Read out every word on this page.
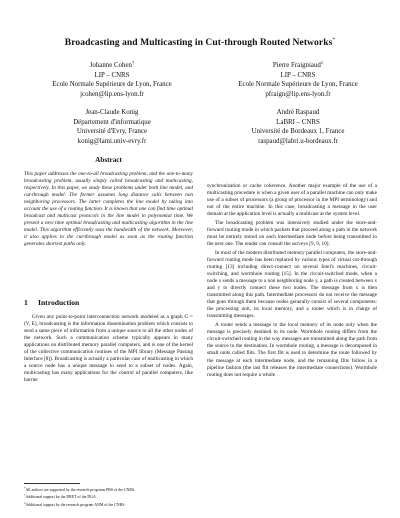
Broadcasting and Multicasting in Cut-through Routed Networks*
Johanne Cohen†
LIP – CNRS
Ecole Normale Supérieure de Lyon, France
jcohen@lip.ens-lyon.fr
Pierre Fraigniaud‡
LIP – CNRS
Ecole Normale Supérieure de Lyon, France
pfraign@lip.ens-lyon.fr
Jean-Claude Konig
Département d'informatique
Université d'Evry, France
konig@lami.univ-evry.fr
André Raspaud
LaBRI – CNRS
Université de Bordeaux 1, France
raspaud@labri.u-bordeaux.fr
Abstract
This paper addresses the one-to-all broadcasting problem, and the one-to-many broadcasting problem, usually simply called broadcasting and multicasting, respectively. In this paper, we study these problems under both line model, and cut-through model. The former assumes long distance calls between non neighboring processors. The latter completes the line model by taking into account the use of a routing function. It is known that one can find time optimal broadcast and multicast protocols in the line model in polynomial time. We present a new time optimal broadcasting and multicasting algorithm in the line model. This algorithm efficiently uses the bandwidth of the network. Moreover, it also applies to the cut-through model as soon as the routing function generates shortest paths only.
1 Introduction

Given any point-to-point interconnection network modeled as a graph G = (V, E), broadcasting is the information dissemination problem which consists to send a same piece of information from a unique source to all the other nodes of the network. Such a communication scheme typically appears in many applications on distributed memory parallel computers, and is one of the kernel of the collective communication routines of the MPI library (Message Passing Interface [8]). Broadcasting is actually a particular case of multicasting in which a source node has a unique message to send to a subset of nodes. Again, multicasting has many applications for the control of parallel computers, like barrier

*All authors are supported by the research programs PRS of the CNRS.
†Additional support by the DRET of the DGA.
‡Additional support by the research program ANM of the CNRS.

synchronization or cache coherence. Another major example of the use of a multicasting procedure is when a given user of a parallel machine can only make use of a subset of processors (a group of processor in the MPI terminology) and not of the entire machine. In this case, broadcasting a message in the user domain at the application level is actually a multicast at the system level.

The broadcasting problem was intensively studied under the store-and-forward routing mode in which packets that proceed along a path in the network must be entirely stored on each intermediate node before being transmitted to the next one. The reader can consult the surveys [9, 9, 10].

In most of the modern distributed memory parallel computers, the store-and-forward routing mode has been replaced by various types of virtual cut-through routing [13] including direct-connect on several Intel's machines, circuit-switching, and wormhole routing [15]. In the circuit-switched mode, when a node x sends a message to a non neighboring node y, a path is created between x and y to directly connect these two nodes. The message from x is then transmitted along this path. Intermediate processors do not receive the message that goes through them because nodes generally consist of several components: the processing unit, its local memory, and a router which is in charge of transmitting messages.

A router sends a message to the local memory of its node only when the message is precisely destined to its node. Wormhole routing differs from the circuit-switched routing in the way messages are transmitted along the path from the source to the destination. In wormhole routing, a message is decomposed in small units called flits. The first flit is used to determine the route followed by the message at each intermediate node, and the remaining flits follow in a pipeline fashion (the last flit releases the intermediate connections). Wormhole routing does not require a whole
